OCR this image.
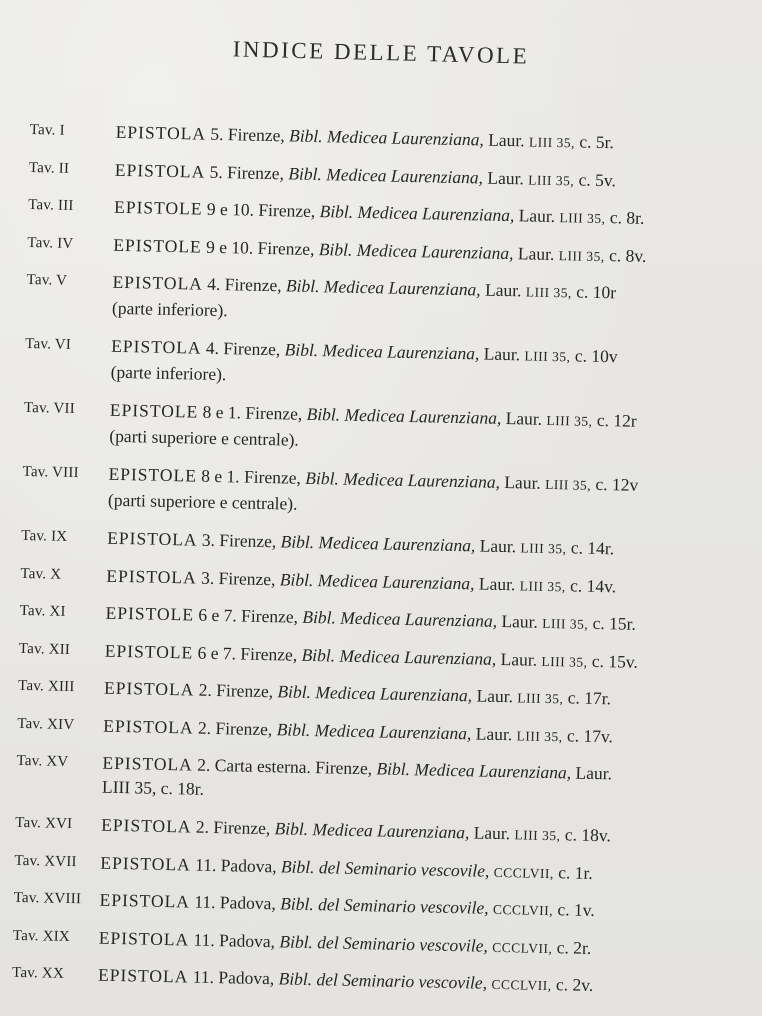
INDICE DELLE TAVOLE
Tav. I	EPISTOLA 5. Firenze, Bibl. Medicea Laurenziana, Laur. LIII 35, c. 5r.
Tav. II	EPISTOLA 5. Firenze, Bibl. Medicea Laurenziana, Laur. LIII 35, c. 5v.
Tav. III	EPISTOLE 9 e 10. Firenze, Bibl. Medicea Laurenziana, Laur. LIII 35, c. 8r.
Tav. IV	EPISTOLE 9 e 10. Firenze, Bibl. Medicea Laurenziana, Laur. LIII 35, c. 8v.
Tav. V	EPISTOLA 4. Firenze, Bibl. Medicea Laurenziana, Laur. LIII 35, c. 10r
(parte inferiore).
Tav. VI	EPISTOLA 4. Firenze, Bibl. Medicea Laurenziana, Laur. LIII 35, c. 10v
(parte inferiore).
Tav. VII	EPISTOLE 8 e 1. Firenze, Bibl. Medicea Laurenziana, Laur. LIII 35, c. 12r
(parti superiore e centrale).
Tav. VIII	EPISTOLE 8 e 1. Firenze, Bibl. Medicea Laurenziana, Laur. LIII 35, c. 12v
(parti superiore e centrale).
Tav. IX	EPISTOLA 3. Firenze, Bibl. Medicea Laurenziana, Laur. LIII 35, c. 14r.
Tav. X	EPISTOLA 3. Firenze, Bibl. Medicea Laurenziana, Laur. LIII 35, c. 14v.
Tav. XI	EPISTOLE 6 e 7. Firenze, Bibl. Medicea Laurenziana, Laur. LIII 35, c. 15r.
Tav. XII	EPISTOLE 6 e 7. Firenze, Bibl. Medicea Laurenziana, Laur. LIII 35, c. 15v.
Tav. XIII	EPISTOLA 2. Firenze, Bibl. Medicea Laurenziana, Laur. LIII 35, c. 17r.
Tav. XIV	EPISTOLA 2. Firenze, Bibl. Medicea Laurenziana, Laur. LIII 35, c. 17v.
Tav. XV	EPISTOLA 2. Carta esterna. Firenze, Bibl. Medicea Laurenziana, Laur.
LIII 35, c. 18r.
Tav. XVI	EPISTOLA 2. Firenze, Bibl. Medicea Laurenziana, Laur. LIII 35, c. 18v.
Tav. XVII	EPISTOLA 11. Padova, Bibl. del Seminario vescovile, CCCLVII, c. 1r.
Tav. XVIII	EPISTOLA 11. Padova, Bibl. del Seminario vescovile, CCCLVII, c. 1v.
Tav. XIX	EPISTOLA 11. Padova, Bibl. del Seminario vescovile, CCCLVII, c. 2r.
Tav. XX	EPISTOLA 11. Padova, Bibl. del Seminario vescovile, CCCLVII, c. 2v.
